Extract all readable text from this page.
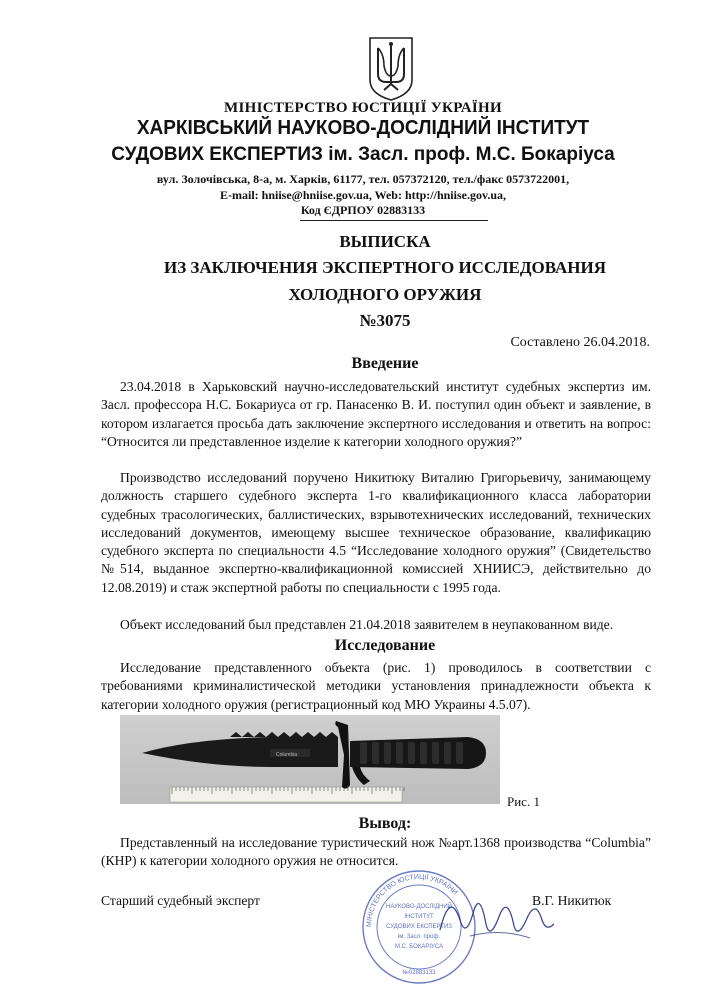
МІНІСТЕРСТВО ЮСТИЦІЇ УКРАЇНИ
ХАРКІВСЬКИЙ НАУКОВО-ДОСЛІДНИЙ ІНСТИТУТ
СУДОВИХ ЕКСПЕРТИЗ ім. Засл. проф. М.С. Бокаріуса
вул. Золочівська, 8-а, м. Харків, 61177, тел. 057372120, тел./факс 0573722001,
E-mail: hniise@hniise.gov.ua, Web: http://hniise.gov.ua,
Код ЄДРПОУ 02883133
ВЫПИСКА
ИЗ ЗАКЛЮЧЕНИЯ ЭКСПЕРТНОГО ИССЛЕДОВАНИЯ
ХОЛОДНОГО ОРУЖИЯ
№3075
Составлено 26.04.2018.
Введение
23.04.2018 в Харьковский научно-исследовательский институт судебных экспертиз им. Засл. профессора Н.С. Бокариуса от гр. Панасенко В. И. поступил один объект и заявление, в котором излагается просьба дать заключение экспертного исследования и ответить на вопрос: “Относится ли представленное изделие к категории холодного оружия?”
Производство исследований поручено Никитюку Виталию Григорьевичу, занимающему должность старшего судебного эксперта 1-го квалификационного класса лаборатории судебных трасологических, баллистических, взрывотехнических исследований, технических исследований документов, имеющему высшее техническое образование, квалификацию судебного эксперта по специальности 4.5 “Исследование холодного оружия” (Свидетельство №514, выданное экспертно-квалификационной комиссией ХНИИСЭ, действительно до 12.08.2019) и стаж экспертной работы по специальности с 1995 года.
Объект исследований был представлен 21.04.2018 заявителем в неупакованном виде.
Исследование
Исследование представленного объекта (рис. 1) проводилось в соответствии с требованиями криминалистической методики установления принадлежности объекта к категории холодного оружия (регистрационный код МЮ Украины 4.5.07).
Columbia
Рис. 1
Вывод:
Представленный на исследование туристический нож №арт.1368 производства “Columbia” (КНР) к категории холодного оружия не относится.
Старший судебный эксперт	В.Г. Никитюк
МІНІСТЕРСТВО ЮСТИЦІЇ УКРАЇНИ
НАУКОВО-ДОСЛІДНИЙ
ІНСТИТУТ
СУДОВИХ ЕКСПЕРТИЗ
ім. Засл. проф.
М.С. БОКАРІУСА
№02883133
